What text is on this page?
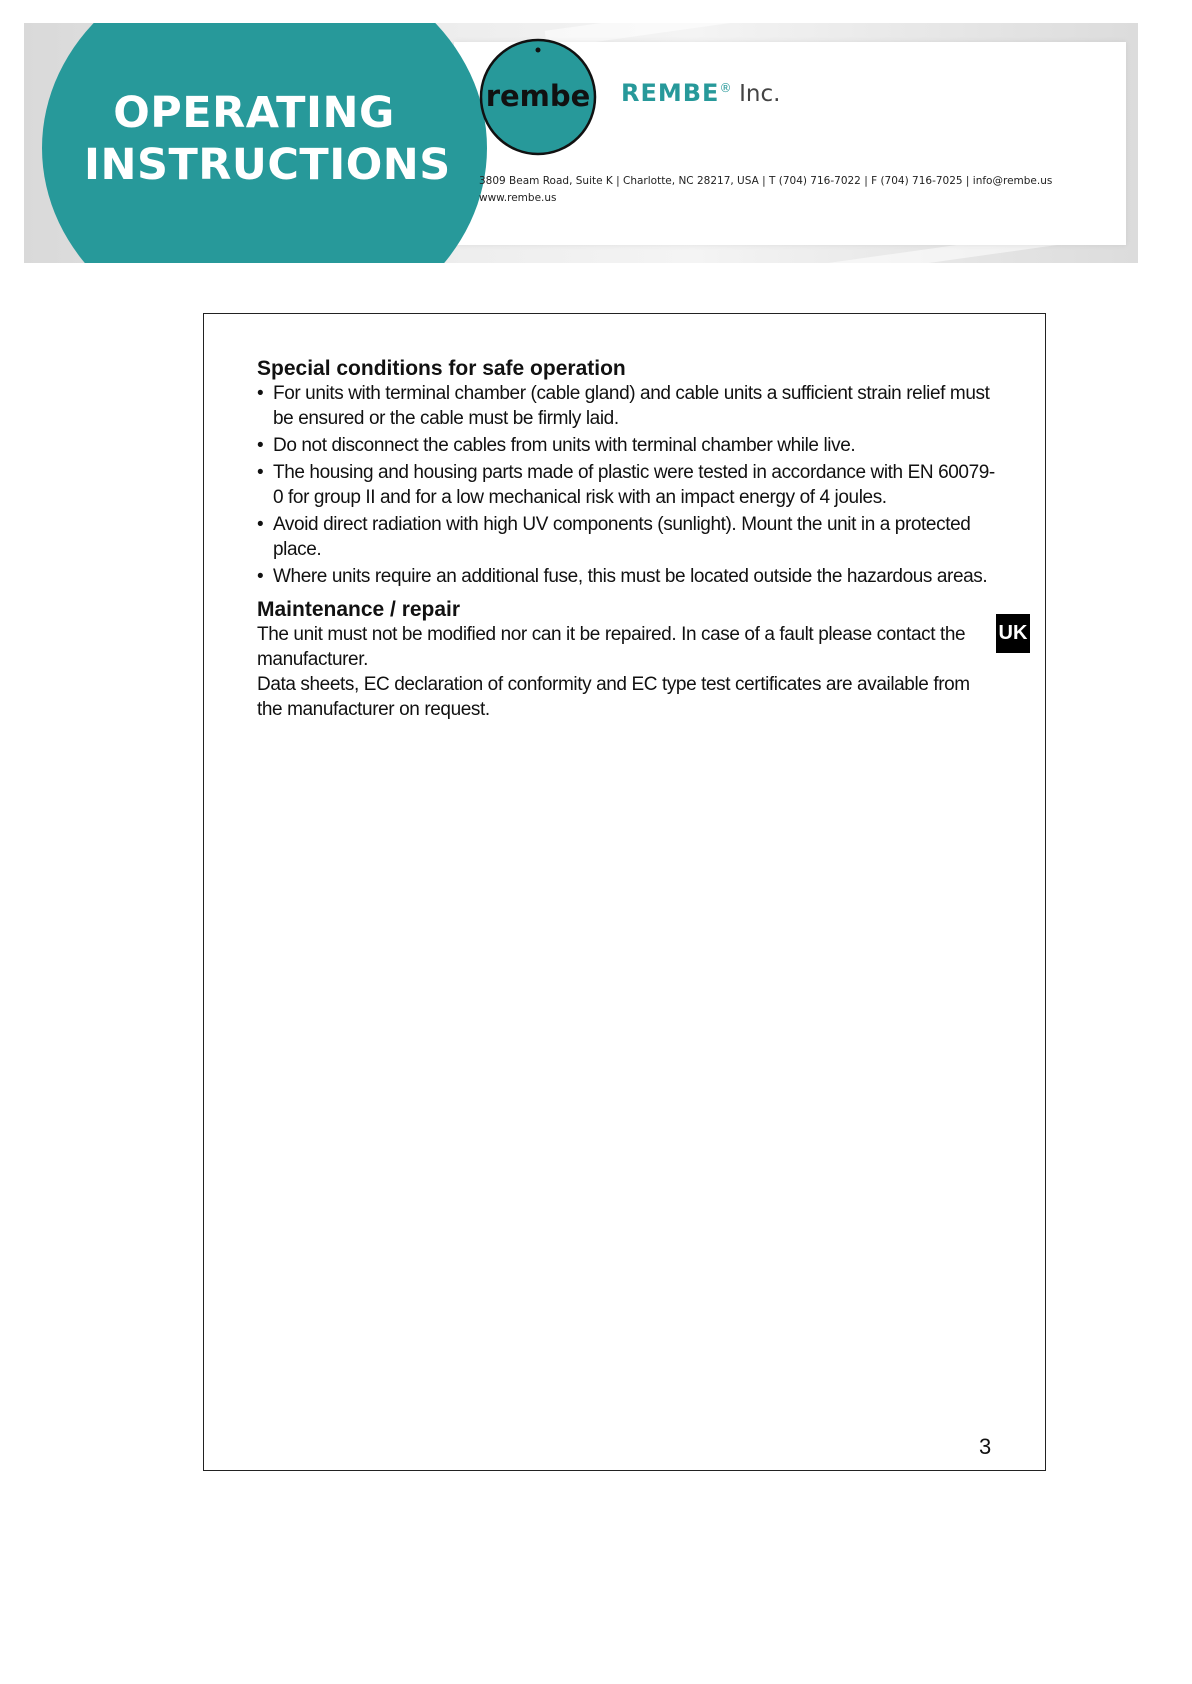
OPERATING
INSTRUCTIONS
rembe REMBE® Inc.
3809 Beam Road, Suite K | Charlotte, NC 28217, USA | T (704) 716-7022 | F (704) 716-7025 | info@rembe.us
www.rembe.us
Special conditions for safe operation
• For units with terminal chamber (cable gland) and cable units a sufficient strain relief must be ensured or the cable must be firmly laid.
• Do not disconnect the cables from units with terminal chamber while live.
• The housing and housing parts made of plastic were tested in accordance with EN 60079-0 for group II and for a low mechanical risk with an impact energy of 4 joules.
• Avoid direct radiation with high UV components (sunlight). Mount the unit in a protected place.
• Where units require an additional fuse, this must be located outside the hazardous areas.
Maintenance / repair

The unit must not be modified nor can it be repaired. In case of a fault please contact the manufacturer.

Data sheets, EC declaration of conformity and EC type test certificates are available from the manufacturer on request.

UK
3
